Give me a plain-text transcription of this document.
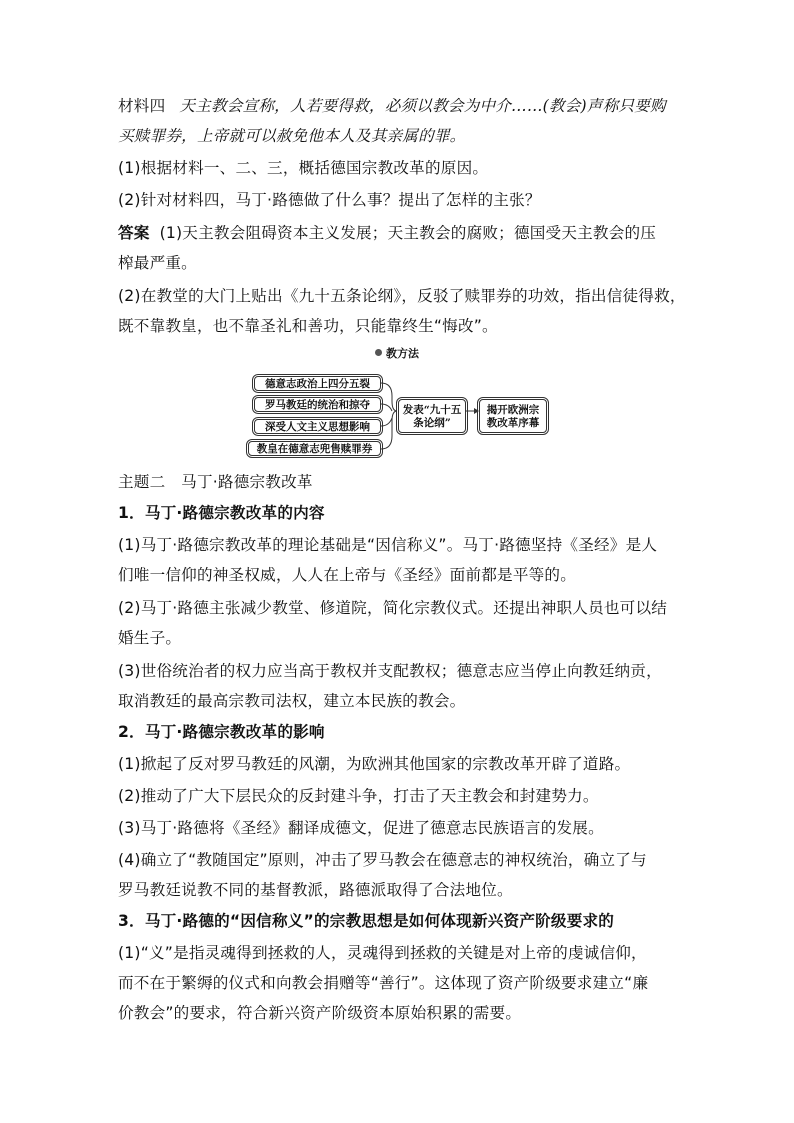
材料四 天主教会宣称，人若要得救，必须以教会为中介……(教会)声称只要购
买赎罪券，上帝就可以赦免他本人及其亲属的罪。
(1)根据材料一、二、三，概括德国宗教改革的原因。
(2)针对材料四，马丁·路德做了什么事？提出了怎样的主张？
答案 (1)天主教会阻碍资本主义发展；天主教会的腐败；德国受天主教会的压
榨最严重。
(2)在教堂的大门上贴出《九十五条论纲》，反驳了赎罪券的功效，指出信徒得救，
既不靠教皇，也不靠圣礼和善功，只能靠终生“悔改”。
教方法
德意志政治上四分五裂
罗马教廷的统治和掠夺
深受人文主义思想影响
教皇在德意志兜售赎罪券
发表“九十五条论纲”
揭开欧洲宗教改革序幕
主题二　马丁·路德宗教改革
1．马丁·路德宗教改革的内容
(1)马丁·路德宗教改革的理论基础是“因信称义”。马丁·路德坚持《圣经》是人
们唯一信仰的神圣权威，人人在上帝与《圣经》面前都是平等的。
(2)马丁·路德主张减少教堂、修道院，简化宗教仪式。还提出神职人员也可以结
婚生子。
(3)世俗统治者的权力应当高于教权并支配教权；德意志应当停止向教廷纳贡，
取消教廷的最高宗教司法权，建立本民族的教会。
2．马丁·路德宗教改革的影响
(1)掀起了反对罗马教廷的风潮，为欧洲其他国家的宗教改革开辟了道路。
(2)推动了广大下层民众的反封建斗争，打击了天主教会和封建势力。
(3)马丁·路德将《圣经》翻译成德文，促进了德意志民族语言的发展。
(4)确立了“教随国定”原则，冲击了罗马教会在德意志的神权统治，确立了与
罗马教廷说教不同的基督教派，路德派取得了合法地位。
3．马丁·路德的“因信称义”的宗教思想是如何体现新兴资产阶级要求的
(1)“义”是指灵魂得到拯救的人，灵魂得到拯救的关键是对上帝的虔诚信仰，
而不在于繁缛的仪式和向教会捐赠等“善行”。这体现了资产阶级要求建立“廉
价教会”的要求，符合新兴资产阶级资本原始积累的需要。
